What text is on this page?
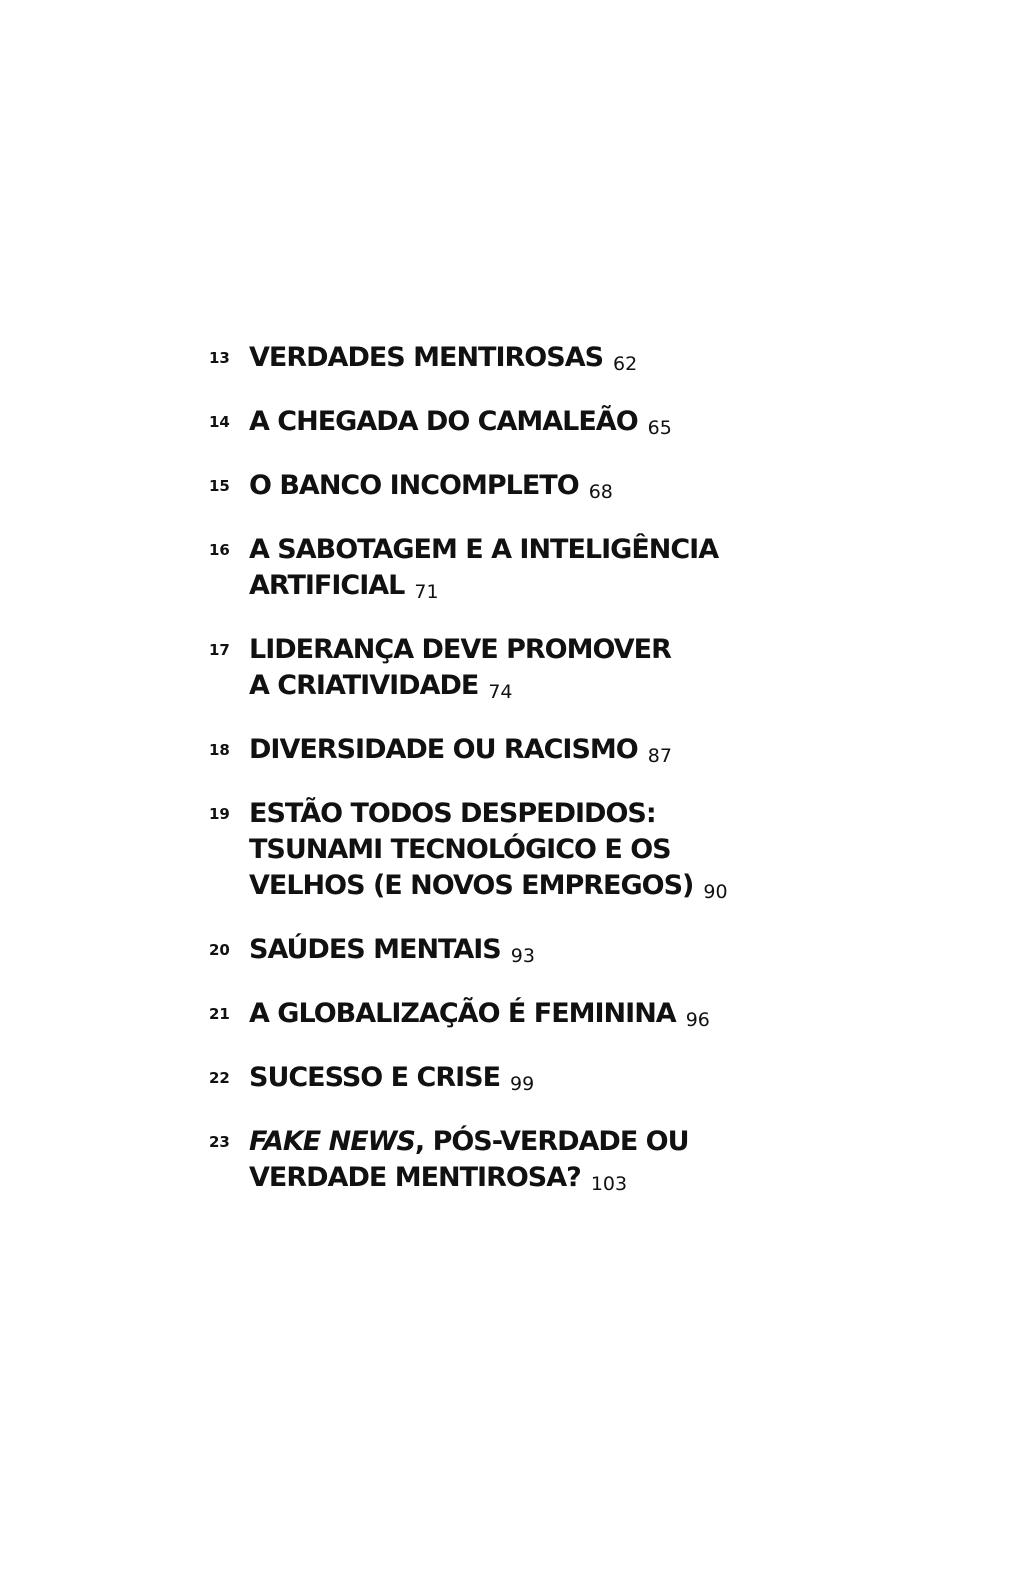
13 VERDADES MENTIROSAS 62
14 A CHEGADA DO CAMALEÃO 65
15 O BANCO INCOMPLETO 68
16 A SABOTAGEM E A INTELIGÊNCIA
ARTIFICIAL 71
17 LIDERANÇA DEVE PROMOVER
A CRIATIVIDADE 74
18 DIVERSIDADE OU RACISMO 87
19 ESTÃO TODOS DESPEDIDOS:
TSUNAMI TECNOLÓGICO E OS
VELHOS (E NOVOS EMPREGOS) 90
20 SAÚDES MENTAIS 93
21 A GLOBALIZAÇÃO É FEMININA 96
22 SUCESSO E CRISE 99
23 FAKE NEWS, PÓS-VERDADE OU
VERDADE MENTIROSA? 103
